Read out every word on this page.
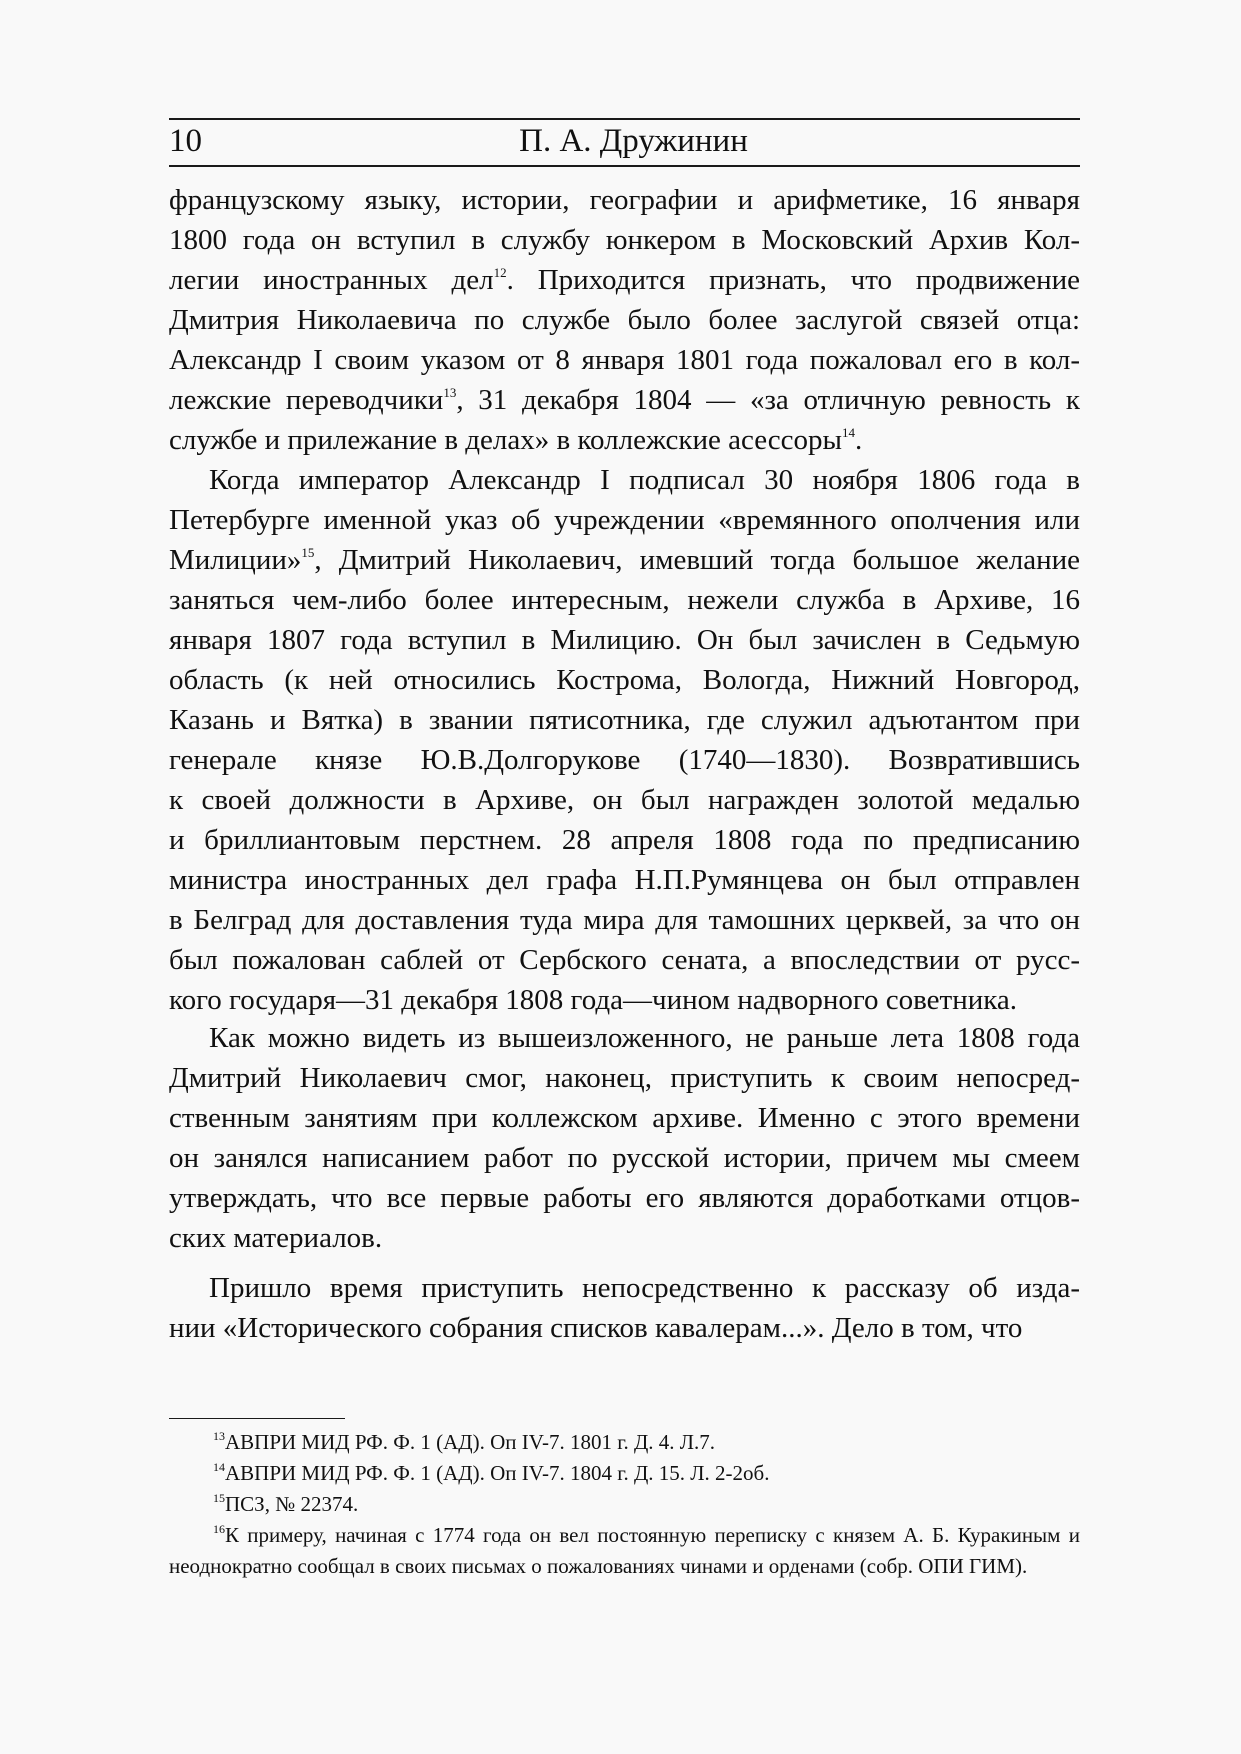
10	П. А. Дружинин
французскому языку, истории, географии и арифметике, 16 января
1800 года он вступил в службу юнкером в Московский Архив Кол-
легии иностранных дел$^{12}$. Приходится признать, что продвижение
Дмитрия Николаевича по службе было более заслугой связей отца:
Александр I своим указом от 8 января 1801 года пожаловал его в кол-
лежские переводчики$^{13}$, 31 декабря 1804 — «за отличную ревность к
службе и прилежание в делах» в коллежские асессоры$^{14}$.
Когда император Александр I подписал 30 ноября 1806 года в
Петербурге именной указ об учреждении «времянного ополчения или
Милиции»$^{15}$, Дмитрий Николаевич, имевший тогда большое желание
заняться чем-либо более интересным, нежели служба в Архиве, 16
января 1807 года вступил в Милицию. Он был зачислен в Седьмую
область (к ней относились Кострома, Вологда, Нижний Новгород,
Казань и Вятка) в звании пятисотника, где служил адъютантом при
генерале князе Ю.В.Долгорукове (1740—1830). Возвратившись
к своей должности в Архиве, он был награжден золотой медалью
и бриллиантовым перстнем. 28 апреля 1808 года по предписанию
министра иностранных дел графа Н.П.Румянцева он был отправлен
в Белград для доставления туда мира для тамошних церквей, за что он
был пожалован саблей от Сербского сената, а впоследствии от русс-
кого государя—31 декабря 1808 года—чином надворного советника.
Как можно видеть из вышеизложенного, не раньше лета 1808 года
Дмитрий Николаевич смог, наконец, приступить к своим непосред-
ственным занятиям при коллежском архиве. Именно с этого времени
он занялся написанием работ по русской истории, причем мы смеем
утверждать, что все первые работы его являются доработками отцов-
ских материалов.
Пришло время приступить непосредственно к рассказу об изда-
нии «Исторического собрания списков кавалерам...». Дело в том, что
$^{13}$АВПРИ МИД РФ. Ф. 1 (АД). Оп IV-7. 1801 г. Д. 4. Л.7.
$^{14}$АВПРИ МИД РФ. Ф. 1 (АД). Оп IV-7. 1804 г. Д. 15. Л. 2-2об.
$^{15}$ПСЗ, № 22374.
$^{16}$К примеру, начиная с 1774 года он вел постоянную переписку с князем А. Б. Куракиным и
неоднократно сообщал в своих письмах о пожалованиях чинами и орденами (собр. ОПИ ГИМ).
